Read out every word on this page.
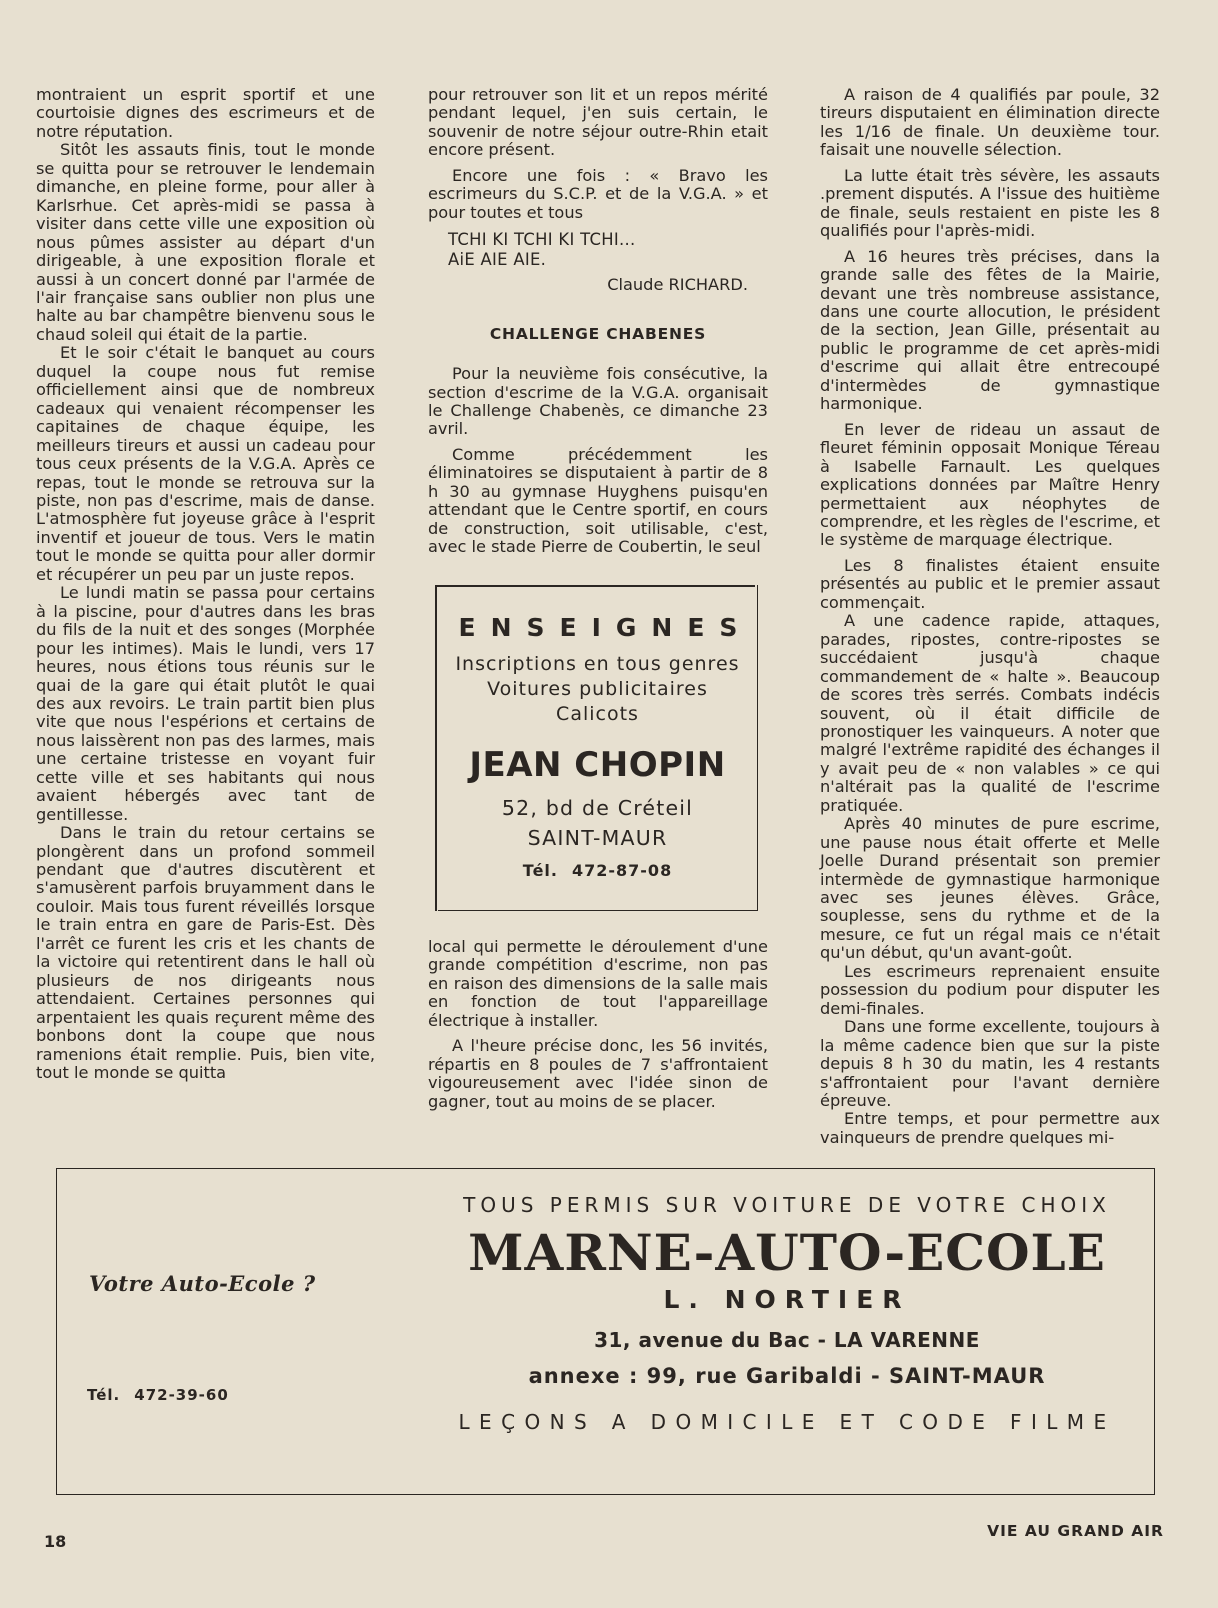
montraient un esprit sportif et une courtoisie dignes des escrimeurs et de notre réputation.

Sitôt les assauts finis, tout le monde se quitta pour se retrouver le lendemain dimanche, en pleine forme, pour aller à Karlsrhue. Cet après-midi se passa à visiter dans cette ville une exposition où nous pûmes assister au départ d'un dirigeable, à une exposition florale et aussi à un concert donné par l'armée de l'air française sans oublier non plus une halte au bar champêtre bienvenu sous le chaud soleil qui était de la partie.

Et le soir c'était le banquet au cours duquel la coupe nous fut remise officiellement ainsi que de nombreux cadeaux qui venaient récompenser les capitaines de chaque équipe, les meilleurs tireurs et aussi un cadeau pour tous ceux présents de la V.G.A. Après ce repas, tout le monde se retrouva sur la piste, non pas d'escrime, mais de danse. L'atmosphère fut joyeuse grâce à l'esprit inventif et joueur de tous. Vers le matin tout le monde se quitta pour aller dormir et récupérer un peu par un juste repos.

Le lundi matin se passa pour certains à la piscine, pour d'autres dans les bras du fils de la nuit et des songes (Morphée pour les intimes). Mais le lundi, vers 17 heures, nous étions tous réunis sur le quai de la gare qui était plutôt le quai des aux revoirs. Le train partit bien plus vite que nous l'espérions et certains de nous laissèrent non pas des larmes, mais une certaine tristesse en voyant fuir cette ville et ses habitants qui nous avaient hébergés avec tant de gentillesse.

Dans le train du retour certains se plongèrent dans un profond sommeil pendant que d'autres discutèrent et s'amusèrent parfois bruyamment dans le couloir. Mais tous furent réveillés lorsque le train entra en gare de Paris-Est. Dès l'arrêt ce furent les cris et les chants de la victoire qui retentirent dans le hall où plusieurs de nos dirigeants nous attendaient. Certaines personnes qui arpentaient les quais reçurent même des bonbons dont la coupe que nous ramenions était remplie. Puis, bien vite, tout le monde se quitta

pour retrouver son lit et un repos mérité pendant lequel, j'en suis certain, le souvenir de notre séjour outre-Rhin etait encore présent.

Encore une fois : « Bravo les escrimeurs du S.C.P. et de la V.G.A. » et pour toutes et tous

TCHI KI TCHI KI TCHI...
AiE AIE AIE.
Claude RICHARD.
CHALLENGE CHABENES

Pour la neuvième fois consécutive, la section d'escrime de la V.G.A. organisait le Challenge Chabenès, ce dimanche 23 avril.

Comme précédemment les éliminatoires se disputaient à partir de 8 h 30 au gymnase Huyghens puisqu'en attendant que le Centre sportif, en cours de construction, soit utilisable, c'est, avec le stade Pierre de Coubertin, le seul

ENSEIGNES
Inscriptions en tous genres
Voitures publicitaires
Calicots
JEAN CHOPIN
52, bd de Créteil
SAINT-MAUR
Tél. 472-87-08

local qui permette le déroulement d'une grande compétition d'escrime, non pas en raison des dimensions de la salle mais en fonction de tout l'appareillage électrique à installer.

A l'heure précise donc, les 56 invités, répartis en 8 poules de 7 s'affrontaient vigoureusement avec l'idée sinon de gagner, tout au moins de se placer.

A raison de 4 qualifiés par poule, 32 tireurs disputaient en élimination directe les 1/16 de finale. Un deuxième tour. faisait une nouvelle sélection.

La lutte était très sévère, les assauts .prement disputés. A l'issue des huitième de finale, seuls restaient en piste les 8 qualifiés pour l'après-midi.

A 16 heures très précises, dans la grande salle des fêtes de la Mairie, devant une très nombreuse assistance, dans une courte allocution, le président de la section, Jean Gille, présentait au public le programme de cet après-midi d'escrime qui allait être entrecoupé d'intermèdes de gymnastique harmonique.

En lever de rideau un assaut de fleuret féminin opposait Monique Téreau à Isabelle Farnault. Les quelques explications données par Maître Henry permettaient aux néophytes de comprendre, et les règles de l'escrime, et le système de marquage électrique.

Les 8 finalistes étaient ensuite présentés au public et le premier assaut commençait.

A une cadence rapide, attaques, parades, ripostes, contre-ripostes se succédaient jusqu'à chaque commandement de « halte ». Beaucoup de scores très serrés. Combats indécis souvent, où il était difficile de pronostiquer les vainqueurs. A noter que malgré l'extrême rapidité des échanges il y avait peu de « non valables » ce qui n'altérait pas la qualité de l'escrime pratiquée.

Après 40 minutes de pure escrime, une pause nous était offerte et Melle Joelle Durand présentait son premier intermède de gymnastique harmonique avec ses jeunes élèves. Grâce, souplesse, sens du rythme et de la mesure, ce fut un régal mais ce n'était qu'un début, qu'un avant-goût.

Les escrimeurs reprenaient ensuite possession du podium pour disputer les demi-finales.

Dans une forme excellente, toujours à la même cadence bien que sur la piste depuis 8 h 30 du matin, les 4 restants s'affrontaient pour l'avant dernière épreuve.

Entre temps, et pour permettre aux vainqueurs de prendre quelques mi-

Votre Auto-Ecole ?
Tél. 472-39-60
TOUS PERMIS SUR VOITURE DE VOTRE CHOIX
MARNE-AUTO-ECOLE
L. NORTIER
31, avenue du Bac - LA VARENNE
annexe : 99, rue Garibaldi - SAINT-MAUR
LEÇONS A DOMICILE ET CODE FILME
18
VIE AU GRAND AIR
